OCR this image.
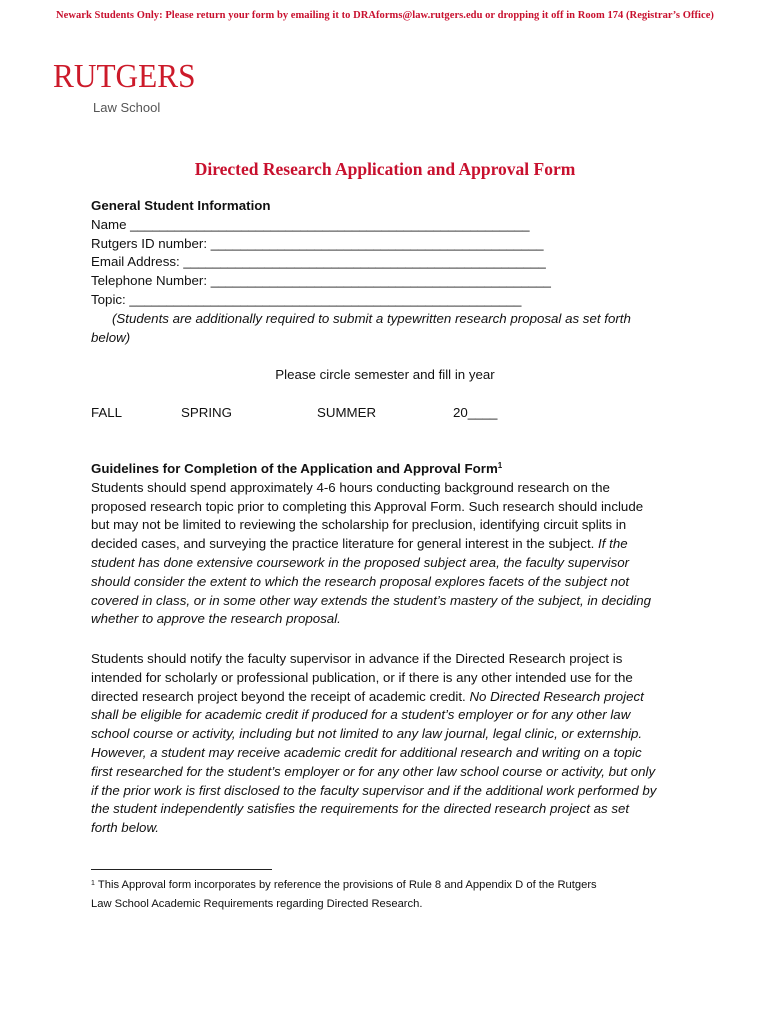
Newark Students Only: Please return your form by emailing it to DRAforms@law.rutgers.edu or dropping it off in Room 174 (Registrar’s Office)
RUTGERS
Law School
Directed Research Application and Approval Form
General Student Information
Name ______________________________________________________
Rutgers ID number: _____________________________________________
Email Address: _________________________________________________
Telephone Number: ______________________________________________
Topic: _____________________________________________________
(Students are additionally required to submit a typewritten research proposal as set forth
below)
Please circle semester and fill in year
FALL	SPRING	SUMMER	20____
Guidelines for Completion of the Application and Approval Form$^1$
Students should spend approximately 4-6 hours conducting background research on the
proposed research topic prior to completing this Approval Form. Such research should include
but may not be limited to reviewing the scholarship for preclusion, identifying circuit splits in
decided cases, and surveying the practice literature for general interest in the subject. If the
student has done extensive coursework in the proposed subject area, the faculty supervisor
should consider the extent to which the research proposal explores facets of the subject not
covered in class, or in some other way extends the student’s mastery of the subject, in deciding
whether to approve the research proposal.
Students should notify the faculty supervisor in advance if the Directed Research project is
intended for scholarly or professional publication, or if there is any other intended use for the
directed research project beyond the receipt of academic credit. No Directed Research project
shall be eligible for academic credit if produced for a student’s employer or for any other law
school course or activity, including but not limited to any law journal, legal clinic, or externship.
However, a student may receive academic credit for additional research and writing on a topic
first researched for the student’s employer or for any other law school course or activity, but only
if the prior work is first disclosed to the faculty supervisor and if the additional work performed by
the student independently satisfies the requirements for the directed research project as set
forth below.
$^1$ This Approval form incorporates by reference the provisions of Rule 8 and Appendix D of the Rutgers
Law School Academic Requirements regarding Directed Research.
